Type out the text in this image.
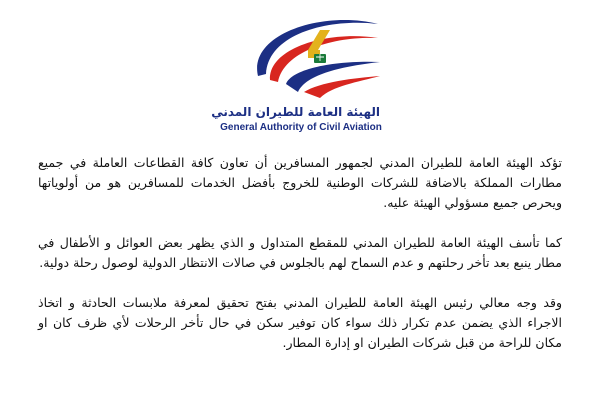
الهيئة العامة للطيران المدني
General Authority of Civil Aviation

تؤكد الهيئة العامة للطيران المدني لجمهور المسافرين أن تعاون كافة القطاعات العاملة في جميع مطارات المملكة بالاضافة للشركات الوطنية للخروج بأفضل الخدمات للمسافرين هو من أولوياتها ويحرص جميع مسؤولي الهيئة عليه.

كما تأسف الهيئة العامة للطيران المدني للمقطع المتداول و الذي يظهر بعض العوائل و الأطفال في مطار ينبع بعد تأخر رحلتهم و عدم السماح لهم بالجلوس في صالات الانتظار الدولية لوصول رحلة دولية.

وقد وجه معالي رئيس الهيئة العامة للطيران المدني بفتح تحقيق لمعرفة ملابسات الحادثة و اتخاذ الاجراء الذي يضمن عدم تكرار ذلك سواء كان توفير سكن في حال تأخر الرحلات لأي ظرف كان او مكان للراحة من قبل شركات الطيران او إدارة المطار.
